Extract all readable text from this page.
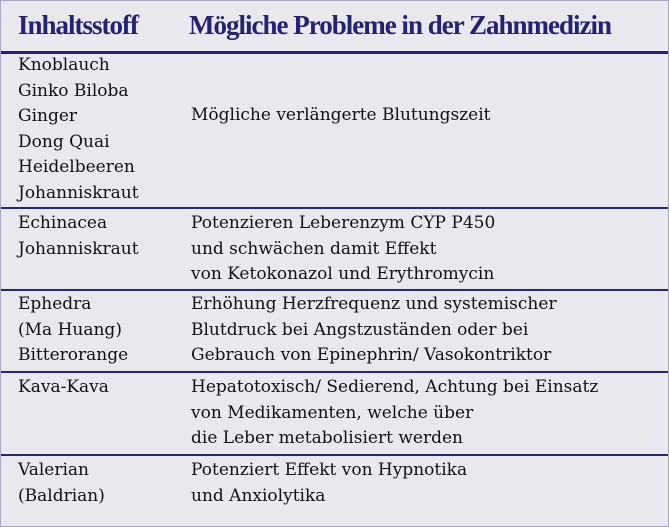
Inhaltsstoff Mögliche Probleme in der Zahnmedizin
Knoblauch
Ginko Biloba
Ginger
Dong Quai
Heidelbeeren
Johanniskraut
Mögliche verlängerte Blutungszeit
Echinacea
Johanniskraut
Potenzieren Leberenzym CYP P450
und schwächen damit Effekt
von Ketokonazol und Erythromycin
Ephedra
(Ma Huang)
Bitterorange
Erhöhung Herzfrequenz und systemischer
Blutdruck bei Angstzuständen oder bei
Gebrauch von Epinephrin/ Vasokontriktor
Kava-Kava	Hepatotoxisch/ Sedierend, Achtung bei Einsatz
von Medikamenten, welche über
die Leber metabolisiert werden
Valerian
(Baldrian)
Potenziert Effekt von Hypnotika
und Anxiolytika
